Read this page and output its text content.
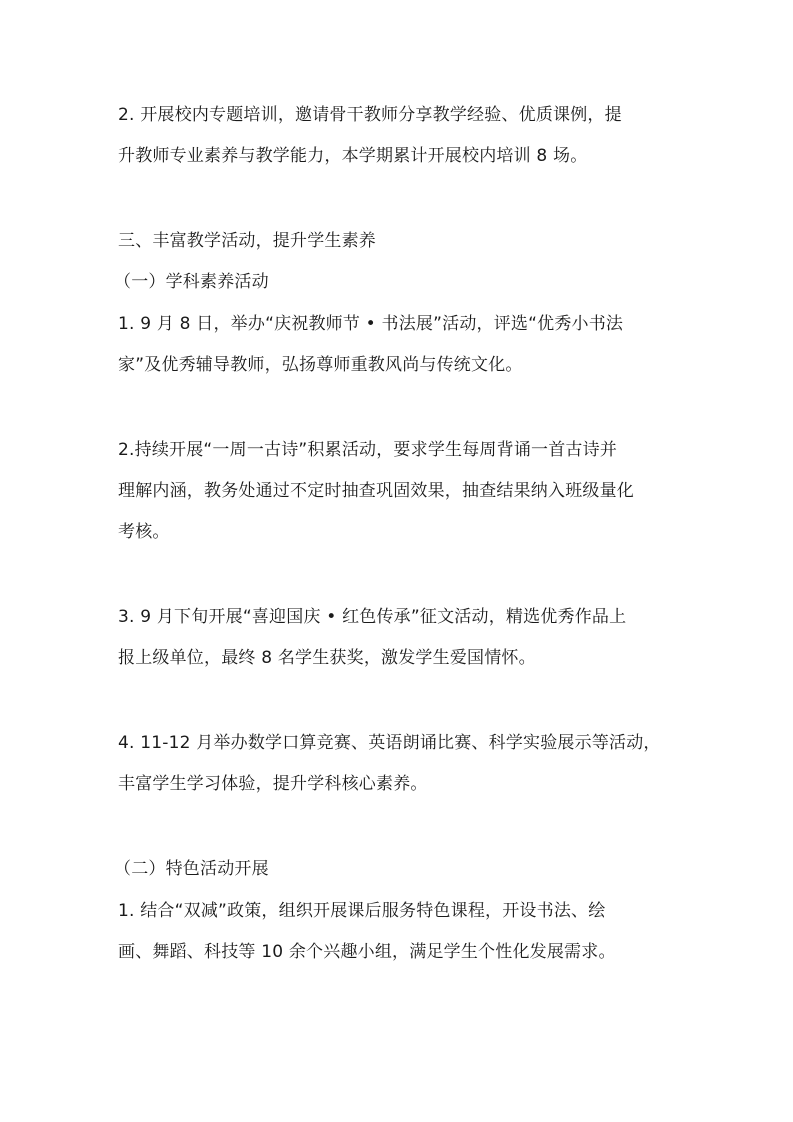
2. 开展校内专题培训，邀请骨干教师分享教学经验、优质课例，提
升教师专业素养与教学能力，本学期累计开展校内培训 8 场。
三、丰富教学活动，提升学生素养
（一）学科素养活动
1. 9 月 8 日，举办“庆祝教师节 • 书法展”活动，评选“优秀小书法
家”及优秀辅导教师，弘扬尊师重教风尚与传统文化。
2.持续开展“一周一古诗”积累活动，要求学生每周背诵一首古诗并
理解内涵，教务处通过不定时抽查巩固效果，抽查结果纳入班级量化
考核。
3. 9 月下旬开展“喜迎国庆 • 红色传承”征文活动，精选优秀作品上
报上级单位，最终 8 名学生获奖，激发学生爱国情怀。
4. 11-12 月举办数学口算竞赛、英语朗诵比赛、科学实验展示等活动，
丰富学生学习体验，提升学科核心素养。
（二）特色活动开展
1. 结合“双减”政策，组织开展课后服务特色课程，开设书法、绘
画、舞蹈、科技等 10 余个兴趣小组，满足学生个性化发展需求。
